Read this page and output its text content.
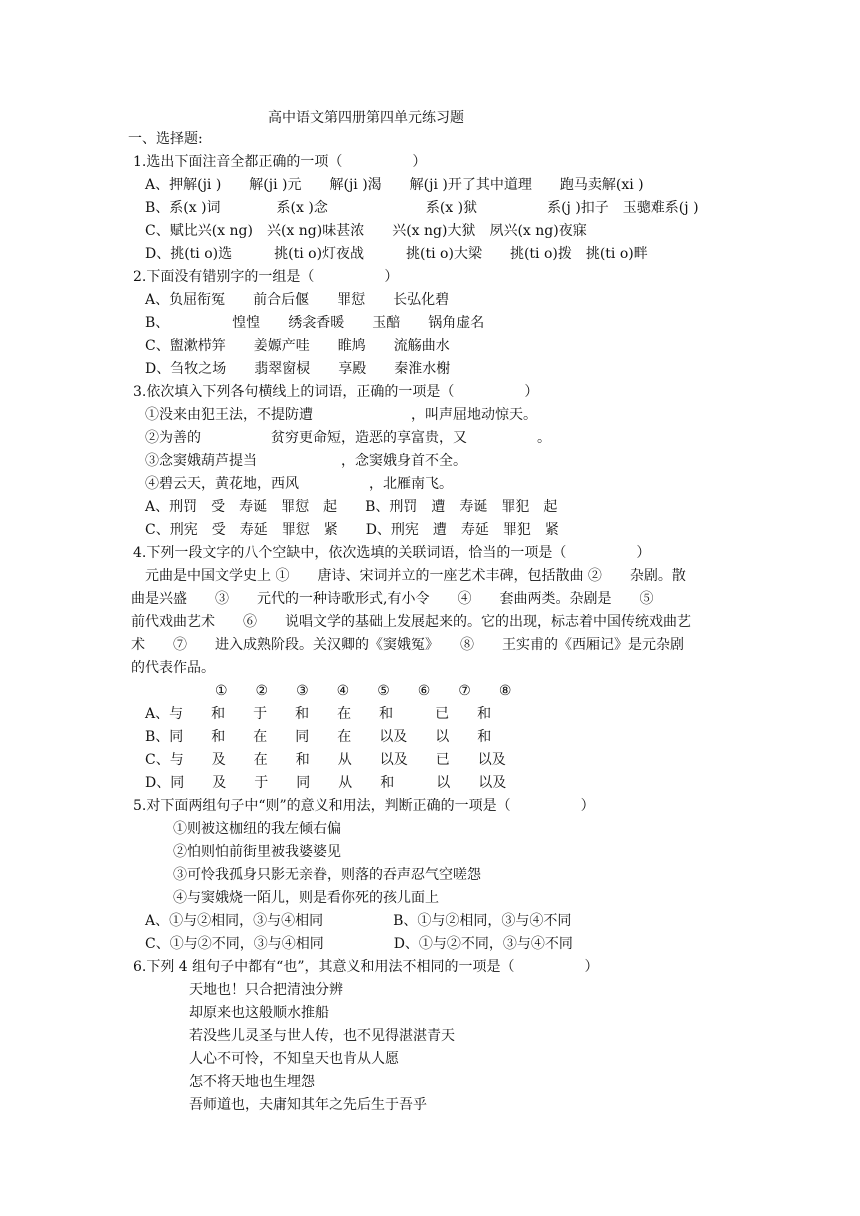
高中语文第四册第四单元练习题
一、选择题:
1.选出下面注音全都正确的一项（　　　　　）
A、押解(ji )　　解(ji )元　　解(ji )渴　　解(ji )开了其中道理　　跑马卖解(xi )
B、系(x )词　　　　系(x )念　　　　　　　系(x )狱　　　　　系(j )扣子　玉骢难系(j )
C、赋比兴(x ng)　兴(x ng)味甚浓　　兴(x ng)大狱　夙兴(x ng)夜寐
D、挑(ti o)选　　　挑(ti o)灯夜战　　　挑(ti o)大梁　　挑(ti o)拨　挑(ti o)畔
2.下面没有错别字的一组是（　　　　　）
A、负屈衔冤　　前合后偃　　罪愆　　长弘化碧
B、　　　　　惶惶　　绣衾香暖　　玉醅　　锅角虚名
C、盥漱栉笄　　姜嫄产哇　　睢鸠　　流觞曲水
D、刍牧之场　　翡翠窗棂　　享殿　　秦淮水榭
3.依次填入下列各句横线上的词语，正确的一项是（　　　　　）
①没来由犯王法，不提防遭　　　　　　　，叫声屈地动惊天。
②为善的　　　　　贫穷更命短，造恶的享富贵，又　　　　　。
③念窦娥葫芦提当　　　　　　，念窦娥身首不全。
④碧云天，黄花地，西风　　　　　，北雁南飞。
A、刑罚　受　寿诞　罪愆　起　　B、刑罚　遭　寿诞　罪犯　起
C、刑宪　受　寿延　罪愆　紧　　D、刑宪　遭　寿延　罪犯　紧
4.下列一段文字的八个空缺中，依次选填的关联词语，恰当的一项是（　　　　　）
　元曲是中国文学史上 ①　　唐诗、宋词并立的一座艺术丰碑，包括散曲 ②　　杂剧。散
曲是兴盛　　③　　元代的一种诗歌形式,有小令　　④　　套曲两类。杂剧是　　⑤
前代戏曲艺术　　⑥　　说唱文学的基础上发展起来的。它的出现，标志着中国传统戏曲艺
术　　⑦　　进入成熟阶段。关汉卿的《窦娥冤》　　⑧　　王实甫的《西厢记》是元杂剧
的代表作品。
①　　②　　③　　④　　⑤　　⑥　　⑦　　⑧
A、与　　和　　于　　和　　在　　和　　　已　　和
B、同　　和　　在　　同　　在　　以及　　以　　和
C、与　　及　　在　　和　　从　　以及　　已　　以及
D、同　　及　　于　　同　　从　　和　　　以　　以及
5.对下面两组句子中“则”的意义和用法，判断正确的一项是（　　　　　）
①则被这枷纽的我左倾右偏
②怕则怕前街里被我婆婆见
③可怜我孤身只影无亲眷，则落的吞声忍气空嗟怨
④与窦娥烧一陌儿，则是看你死的孩儿面上
A、①与②相同，③与④相同　　　　　B、①与②相同，③与④不同
C、①与②不同，③与④相同　　　　　D、①与②不同，③与④不同
6.下列 4 组句子中都有“也”，其意义和用法不相同的一项是（　　　　　）
天地也！只合把清浊分辨
却原来也这般顺水推船
若没些儿灵圣与世人传，也不见得湛湛青天
人心不可怜，不知皇天也肯从人愿
怎不将天地也生埋怨
吾师道也，夫庸知其年之先后生于吾乎
